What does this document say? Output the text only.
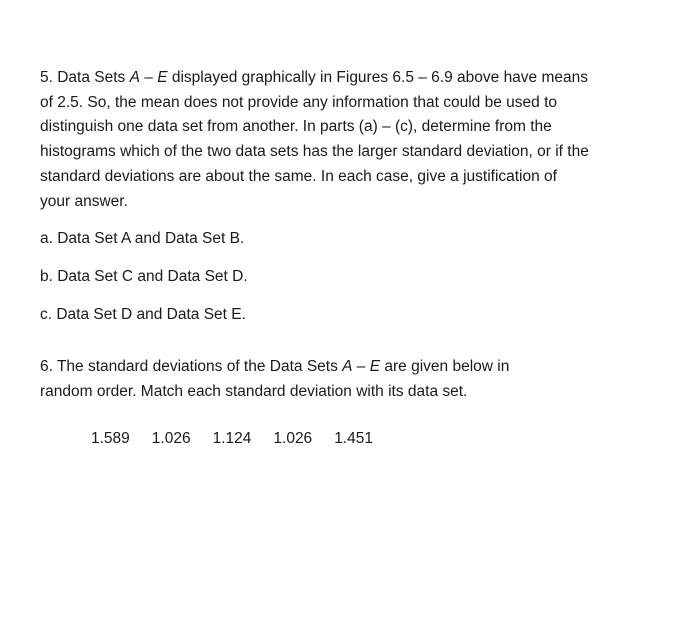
5. Data Sets A – E displayed graphically in Figures 6.5 – 6.9 above have means
of 2.5. So, the mean does not provide any information that could be used to
distinguish one data set from another. In parts (a) – (c), determine from the
histograms which of the two data sets has the larger standard deviation, or if the
standard deviations are about the same. In each case, give a justification of
your answer.

a. Data Set A and Data Set B.

b. Data Set C and Data Set D.

c. Data Set D and Data Set E.

6. The standard deviations of the Data Sets A – E are given below in
random order. Match each standard deviation with its data set.

1.589 1.026 1.124 1.026 1.451
